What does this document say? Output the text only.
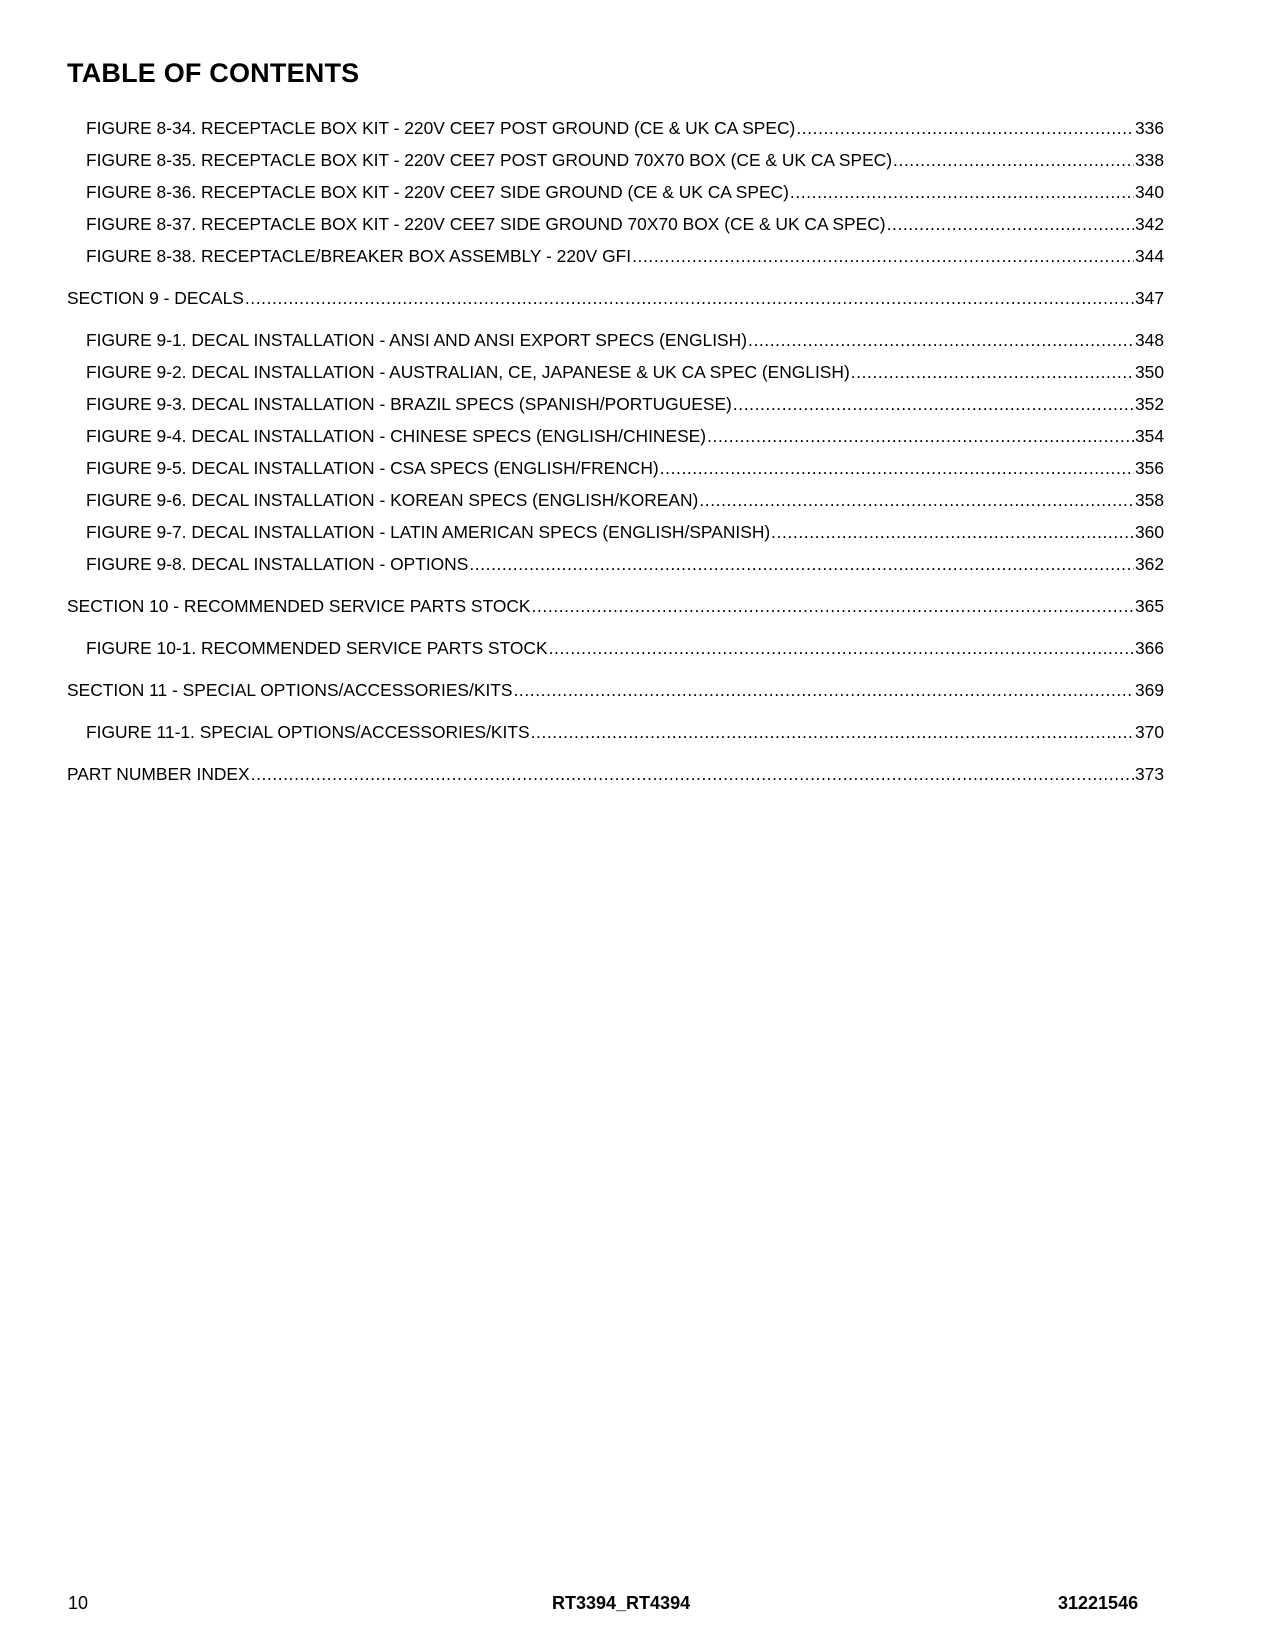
TABLE OF CONTENTS
FIGURE 8-34. RECEPTACLE BOX KIT - 220V CEE7 POST GROUND (CE & UK CA SPEC) .....	336
FIGURE 8-35. RECEPTACLE BOX KIT - 220V CEE7 POST GROUND 70X70 BOX (CE & UK CA SPEC) .....	338
FIGURE 8-36. RECEPTACLE BOX KIT - 220V CEE7 SIDE GROUND (CE & UK CA SPEC) .....	340
FIGURE 8-37. RECEPTACLE BOX KIT - 220V CEE7 SIDE GROUND 70X70 BOX (CE & UK CA SPEC) .....	342
FIGURE 8-38. RECEPTACLE/BREAKER BOX ASSEMBLY - 220V GFI .....	344
SECTION 9 - DECALS .....	347
FIGURE 9-1. DECAL INSTALLATION - ANSI AND ANSI EXPORT SPECS (ENGLISH) .....	348
FIGURE 9-2. DECAL INSTALLATION - AUSTRALIAN, CE, JAPANESE & UK CA SPEC (ENGLISH) .....	350
FIGURE 9-3. DECAL INSTALLATION - BRAZIL SPECS (SPANISH/PORTUGUESE) .....	352
FIGURE 9-4. DECAL INSTALLATION - CHINESE SPECS (ENGLISH/CHINESE) .....	354
FIGURE 9-5. DECAL INSTALLATION - CSA SPECS (ENGLISH/FRENCH) .....	356
FIGURE 9-6. DECAL INSTALLATION - KOREAN SPECS (ENGLISH/KOREAN) .....	358
FIGURE 9-7. DECAL INSTALLATION - LATIN AMERICAN SPECS (ENGLISH/SPANISH) .....	360
FIGURE 9-8. DECAL INSTALLATION - OPTIONS .....	362
SECTION 10 - RECOMMENDED SERVICE PARTS STOCK .....	365
FIGURE 10-1. RECOMMENDED SERVICE PARTS STOCK .....	366
SECTION 11 - SPECIAL OPTIONS/ACCESSORIES/KITS .....	369
FIGURE 11-1. SPECIAL OPTIONS/ACCESSORIES/KITS .....	370
PART NUMBER INDEX .....	373
10	RT3394_RT4394	31221546
